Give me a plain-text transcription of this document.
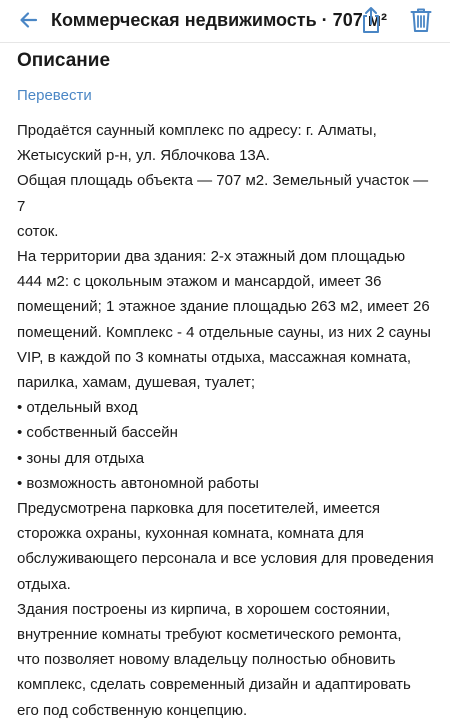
Коммерческая недвижимость · 707 м²
Описание
Перевести

Продаётся саунный комплекс по адресу: г. Алматы,
Жетысуский р-н, ул. Яблочкова 13А.

Общая площадь объекта — 707 м2. Земельный участок — 7
соток.

На территории два здания: 2-х этажный дом площадью
444 м2: с цокольным этажом и мансардой, имеет 36
помещений; 1 этажное здание площадью 263 м2, имеет 26
помещений. Комплекс - 4 отдельные сауны, из них 2 сауны
VIP, в каждой по 3 комнаты отдыха, массажная комната,
парилка, хамам, душевая, туалет;

• отдельный вход

• собственный бассейн

• зоны для отдыха

• возможность автономной работы

Предусмотрена парковка для посетителей, имеется
сторожка охраны, кухонная комната, комната для
обслуживающего персонала и все условия для проведения
отдыха.

Здания построены из кирпича, в хорошем состоянии,
внутренние комнаты требуют косметического ремонта,
что позволяет новому владельцу полностью обновить
комплекс, сделать современный дизайн и адаптировать
его под собственную концепцию.
